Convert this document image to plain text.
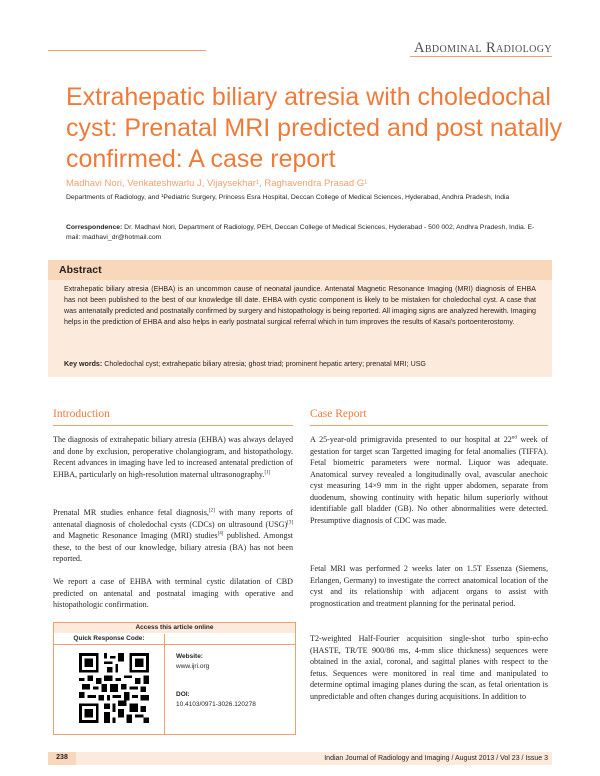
Abdominal Radiology
Extrahepatic biliary atresia with choledochal cyst: Prenatal MRI predicted and post natally confirmed: A case report
Madhavi Nori, Venkateshwarlu J, Vijaysekhar¹, Raghavendra Prasad G¹
Departments of Radiology, and ¹Pediatric Surgery, Princess Esra Hospital, Deccan College of Medical Sciences, Hyderabad, Andhra Pradesh, India
Correspondence: Dr. Madhavi Nori, Department of Radiology, PEH, Deccan College of Medical Sciences, Hyderabad - 500 002, Andhra Pradesh, India. E-mail: madhavi_dr@hotmail.com
Abstract
Extrahepatic biliary atresia (EHBA) is an uncommon cause of neonatal jaundice. Antenatal Magnetic Resonance Imaging (MRI) diagnosis of EHBA has not been published to the best of our knowledge till date. EHBA with cystic component is likely to be mistaken for choledochal cyst. A case that was antenatally predicted and postnatally confirmed by surgery and histopathology is being reported. All imaging signs are analyzed herewith. Imaging helps in the prediction of EHBA and also helps in early postnatal surgical referral which in turn improves the results of Kasai's portoenterostomy.
Key words: Choledochal cyst; extrahepatic biliary atresia; ghost triad; prominent hepatic artery; prenatal MRI; USG
Introduction	Case Report
The diagnosis of extrahepatic biliary atresia (EHBA) was always delayed and done by exclusion, peroperative cholangiogram, and histopathology. Recent advances in imaging have led to increased antenatal prediction of EHBA, particularly on high-resolution maternal ultrasonography.[1]
Prenatal MR studies enhance fetal diagnosis,[2] with many reports of antenatal diagnosis of choledochal cysts (CDCs) on ultrasound (USG)[3] and Magnetic Resonance Imaging (MRI) studies[4] published. Amongst these, to the best of our knowledge, biliary atresia (BA) has not been reported.
We report a case of EHBA with terminal cystic dilatation of CBD predicted on antenatal and postnatal imaging with operative and histopathologic confirmation.
Access this article online
Quick Response Code:
Website:
www.ijri.org
DOI:
10.4103/0971-3026.120278
A 25-year-old primigravida presented to our hospital at 22nd week of gestation for target scan Targetted imaging for fetal anomalies (TIFFA). Fetal biometric parameters were normal. Liquor was adequate. Anatomical survey revealed a longitudinally oval, avascular anechoic cyst measuring 14×9 mm in the right upper abdomen, separate from duodenum, showing continuity with hepatic hilum superiorly without identifiable gall bladder (GB). No other abnormalities were detected. Presumptive diagnosis of CDC was made.
Fetal MRI was performed 2 weeks later on 1.5T Essenza (Siemens, Erlangen, Germany) to investigate the correct anatomical location of the cyst and its relationship with adjacent organs to assist with prognostication and treatment planning for the perinatal period.
T2-weighted Half-Fourier acquisition single-shot turbo spin-echo (HASTE, TR/TE 900/86 ms, 4-mm slice thickness) sequences were obtained in the axial, coronal, and sagittal planes with respect to the fetus. Sequences were monitored in real time and manipulated to determine optimal imaging planes during the scan, as fetal orientation is unpredictable and often changes during acquisitions. In addition to
238	Indian Journal of Radiology and Imaging / August 2013 / Vol 23 / Issue 3
